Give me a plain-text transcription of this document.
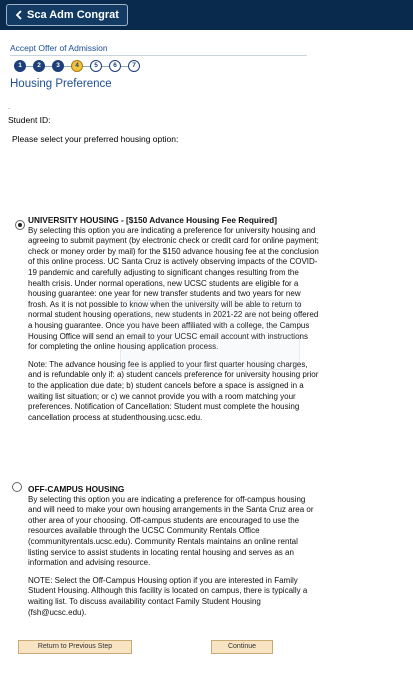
Sca Adm Congrat
Accept Offer of Admission
1	2	3	4	5	6	7
Housing Preference
.
Student ID:
Please select your preferred housing option:
UNIVERSITY HOUSING - [$150 Advance Housing Fee Required]

By selecting this option you are indicating a preference for university housing and agreeing to submit payment (by electronic check or credit card for online payment; check or money order by mail) for the $150 advance housing fee at the conclusion of this online process. UC Santa Cruz is actively observing impacts of the COVID-19 pandemic and carefully adjusting to significant changes resulting from the health crisis. Under normal operations, new UCSC students are eligible for a housing guarantee: one year for new transfer students and two years for new frosh. As it is not possible to know when the university will be able to return to normal student housing operations, new students in 2021-22 are not being offered a housing guarantee. Once you have been affiliated with a college, the Campus Housing Office will send an email to your UCSC email account with instructions for completing the online housing application process.

Note: The advance housing fee is applied to your first quarter housing charges, and is refundable only if: a) student cancels preference for university housing prior to the application due date; b) student cancels before a space is assigned in a waiting list situation; or c) we cannot provide you with a room matching your preferences. Notification of Cancellation: Student must complete the housing cancellation process at studenthousing.ucsc.edu.

OFF-CAMPUS HOUSING

By selecting this option you are indicating a preference for off-campus housing and will need to make your own housing arrangements in the Santa Cruz area or other area of your choosing. Off-campus students are encouraged to use the resources available through the UCSC Community Rentals Office (communityrentals.ucsc.edu). Community Rentals maintains an online rental listing service to assist students in locating rental housing and serves as an information and advising resource.

NOTE: Select the Off-Campus Housing option if you are interested in Family Student Housing. Although this facility is located on campus, there is typically a waiting list. To discuss availability contact Family Student Housing (fsh@ucsc.edu).

Return to Previous Step	Continue
